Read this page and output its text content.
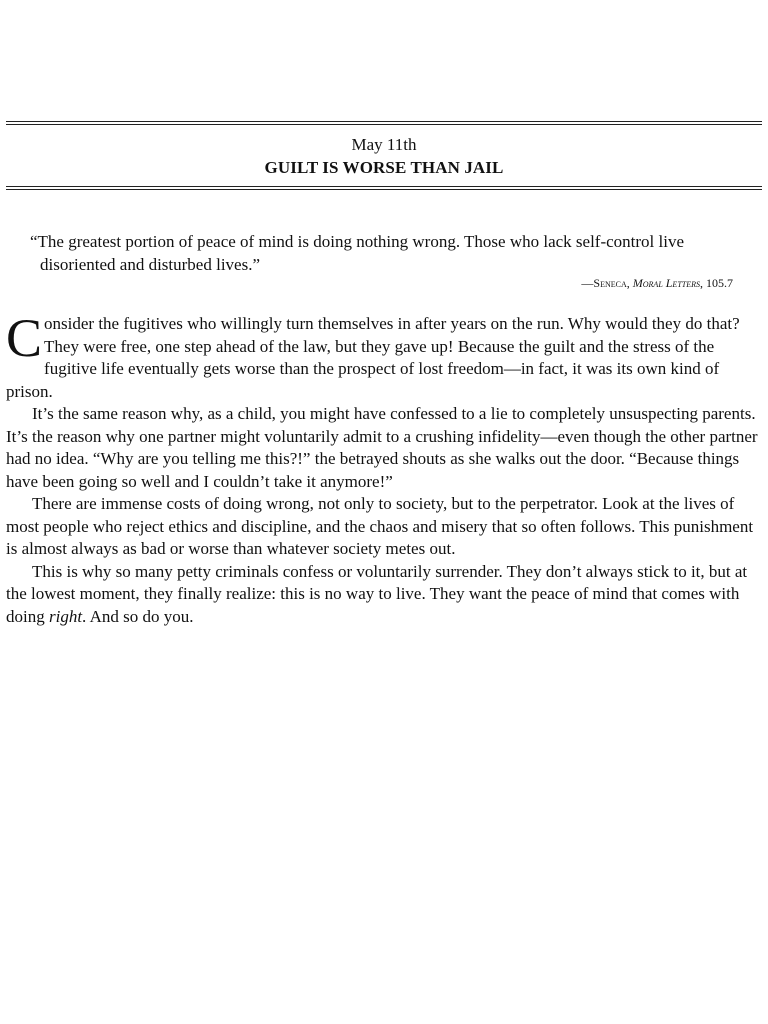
May 11th
GUILT IS WORSE THAN JAIL

“The greatest portion of peace of mind is doing nothing wrong. Those who lack self-control live disoriented and disturbed lives.”

—Seneca, Moral Letters, 105.7

Consider the fugitives who willingly turn themselves in after years on the run. Why would they do that? They were free, one step ahead of the law, but they gave up! Because the guilt and the stress of the fugitive life eventually gets worse than the prospect of lost freedom—in fact, it was its own kind of prison.

It’s the same reason why, as a child, you might have confessed to a lie to completely unsuspecting parents. It’s the reason why one partner might voluntarily admit to a crushing infidelity—even though the other partner had no idea. “Why are you telling me this?!” the betrayed shouts as she walks out the door. “Because things have been going so well and I couldn’t take it anymore!”

There are immense costs of doing wrong, not only to society, but to the perpetrator. Look at the lives of most people who reject ethics and discipline, and the chaos and misery that so often follows. This punishment is almost always as bad or worse than whatever society metes out.

This is why so many petty criminals confess or voluntarily surrender. They don’t always stick to it, but at the lowest moment, they finally realize: this is no way to live. They want the peace of mind that comes with doing right. And so do you.
